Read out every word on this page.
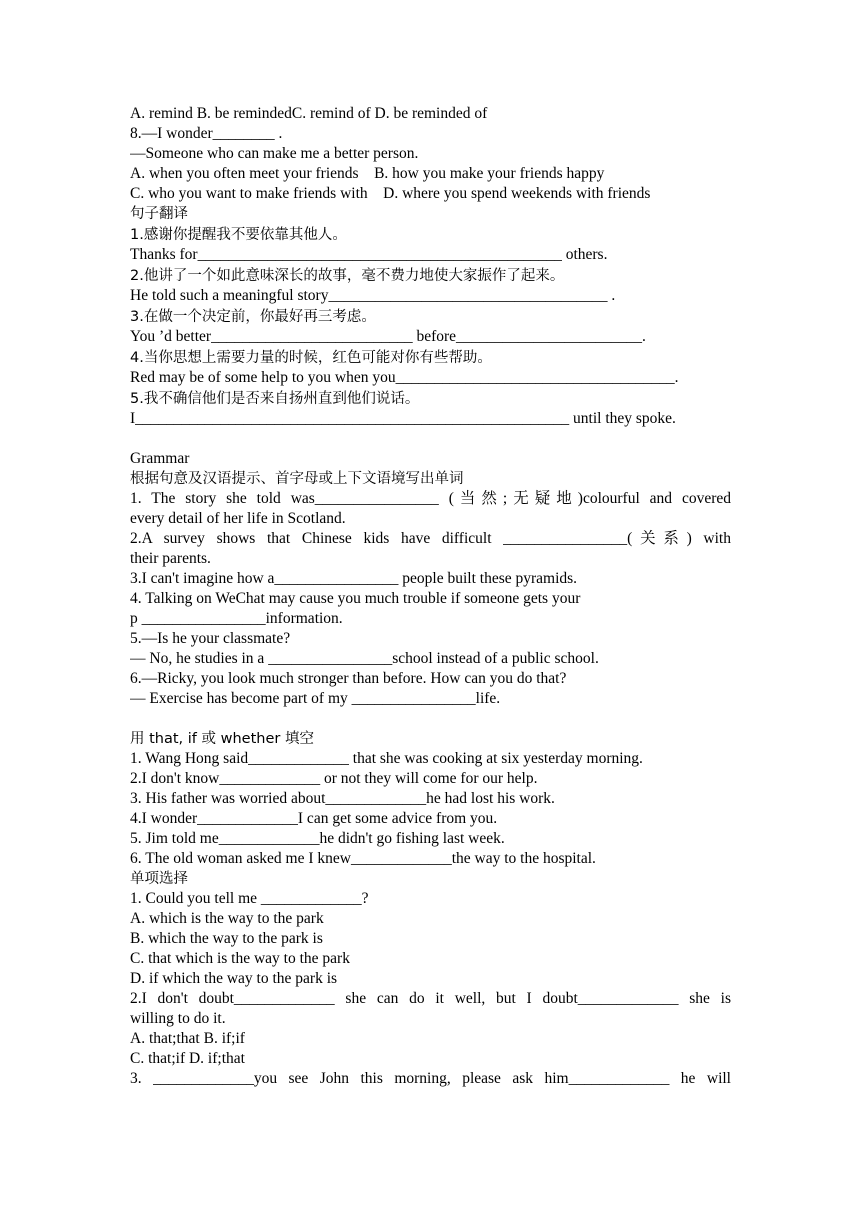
A. remind B. be remindedC. remind of D. be reminded of
8.—I wonder________ .
—Someone who can make me a better person.
A. when you often meet your friends    B. how you make your friends happy
C. who you want to make friends with    D. where you spend weekends with friends
句子翻译
1.感谢你提醒我不要依靠其他人。
Thanks for_______________________________________________ others.
2.他讲了一个如此意味深长的故事，毫不费力地使大家振作了起来。
He told such a meaningful story____________________________________ .
3.在做一个决定前，你最好再三考虑。
You ’d better__________________________ before________________________.
4.当你思想上需要力量的时候，红色可能对你有些帮助。
Red may be of some help to you when you____________________________________.
5.我不确信他们是否来自扬州直到他们说话。
I________________________________________________________ until they spoke.
Grammar
根据句意及汉语提示、首字母或上下文语境写出单词
1. The story she told was________________ (当然;无疑地)colourful and covered
every detail of her life in Scotland.
2.A survey shows that Chinese kids have difficult ________________(关系) with
their parents.
3.I can't imagine how a________________ people built these pyramids.
4. Talking on WeChat may cause you much trouble if someone gets your
p ________________information.
5.—Is he your classmate?
— No, he studies in a ________________school instead of a public school.
6.—Ricky, you look much stronger than before. How can you do that?
— Exercise has become part of my ________________life.
用 that, if 或 whether 填空
1. Wang Hong said_____________ that she was cooking at six yesterday morning.
2.I don't know_____________ or not they will come for our help.
3. His father was worried about_____________he had lost his work.
4.I wonder_____________I can get some advice from you.
5. Jim told me_____________he didn't go fishing last week.
6. The old woman asked me I knew_____________the way to the hospital.
单项选择
1. Could you tell me _____________?
A. which is the way to the park
B. which the way to the park is
C. that which is the way to the park
D. if which the way to the park is
2.I don't doubt_____________ she can do it well, but I doubt_____________ she is
willing to do it.
A. that;that B. if;if
C. that;if D. if;that
3. _____________you see John this morning, please ask him_____________ he will
